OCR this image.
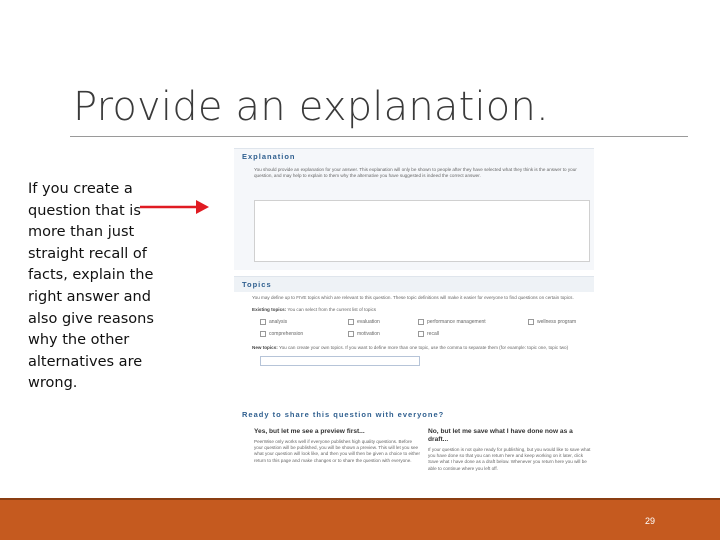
Provide an explanation.
If you create a question that is more than just straight recall of facts, explain the right answer and also give reasons why the other alternatives are wrong.
Explanation
You should provide an explanation for your answer. This explanation will only be shown to people after they have selected what they think is the answer to your question, and may help to explain to them why the alternative you have suggested is indeed the correct answer.
Topics
You may define up to FIVE topics which are relevant to this question. These topic definitions will make it easier for everyone to find questions on certain topics.
Existing topics: You can select from the current list of topics
analysis	evaluation	performance management	wellness program
comprehension	motivation	recall
New topics: You can create your own topics. If you want to define more than one topic, use the comma to separate them (for example: topic one, topic two)
Ready to share this question with everyone?
Yes, but let me see a preview first...
PeerWise only works well if everyone publishes high quality questions. Before your question will be published, you will be shown a preview. This will let you see what your question will look like, and then you will then be given a choice to either return to this page and make changes or to share the question with everyone.
No, but let me save what I have done now as a draft...
If your question is not quite ready for publishing, but you would like to save what you have done so that you can return here and keep working on it later, click Save what I have done as a draft below. Whenever you return here you will be able to continue where you left off.
29
